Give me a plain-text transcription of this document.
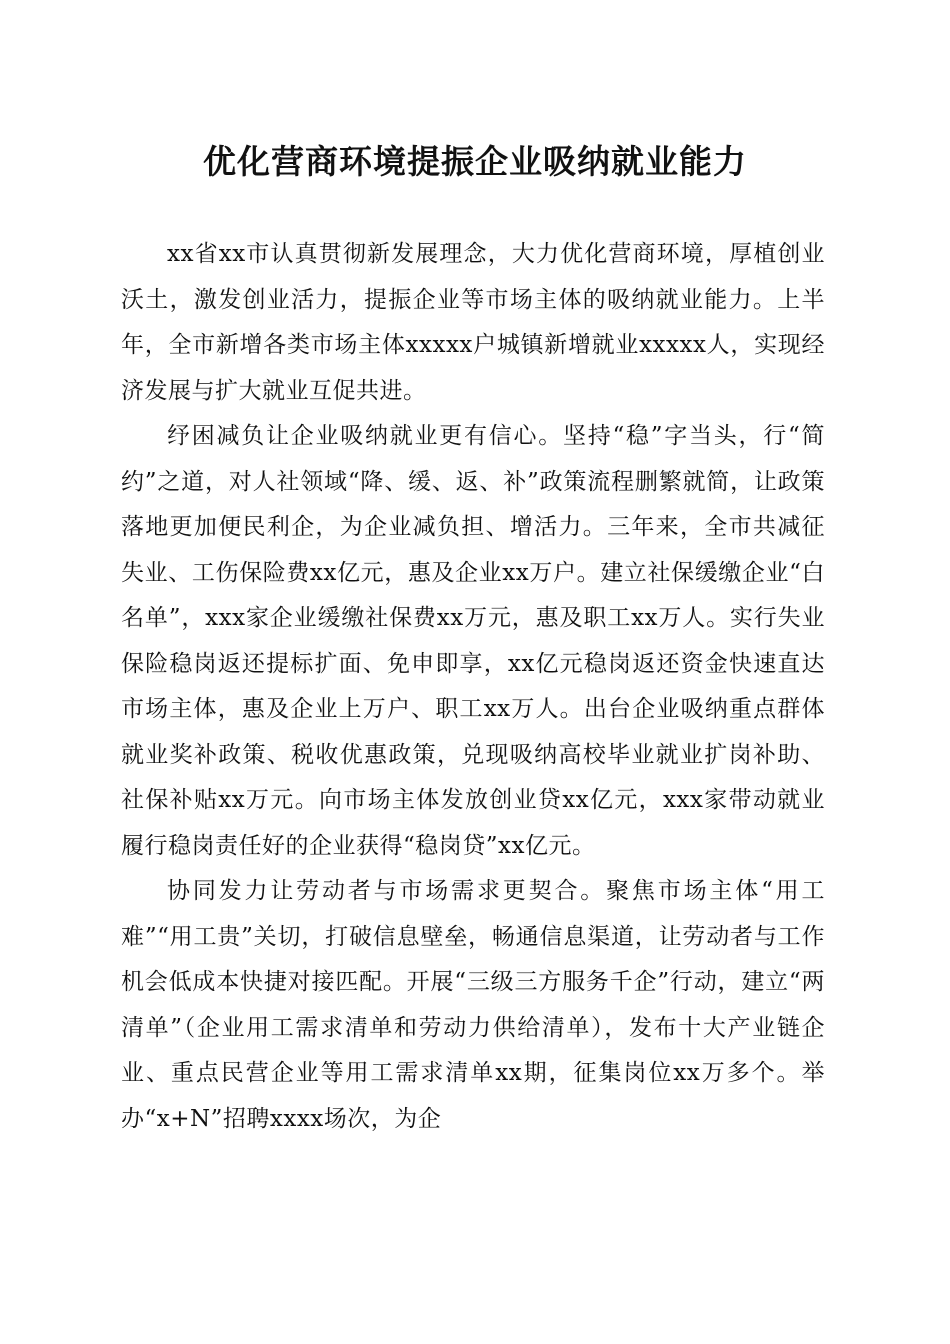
优化营商环境提振企业吸纳就业能力

xx省xx市认真贯彻新发展理念，大力优化营商环境，厚植创业沃土，激发创业活力，提振企业等市场主体的吸纳就业能力。上半年，全市新增各类市场主体xxxxx户城镇新增就业xxxxx人，实现经济发展与扩大就业互促共进。

纾困减负让企业吸纳就业更有信心。坚持“稳”字当头，行“简约”之道，对人社领域“降、缓、返、补”政策流程删繁就简，让政策落地更加便民利企，为企业减负担、增活力。三年来，全市共减征失业、工伤保险费xx亿元，惠及企业xx万户。建立社保缓缴企业“白名单”，xxx家企业缓缴社保费xx万元，惠及职工xx万人。实行失业保险稳岗返还提标扩面、免申即享，xx亿元稳岗返还资金快速直达市场主体，惠及企业上万户、职工xx万人。出台企业吸纳重点群体就业奖补政策、税收优惠政策，兑现吸纳高校毕业就业扩岗补助、社保补贴xx万元。向市场主体发放创业贷xx亿元，xxx家带动就业履行稳岗责任好的企业获得“稳岗贷”xx亿元。

协同发力让劳动者与市场需求更契合。聚焦市场主体“用工难”“用工贵”关切，打破信息壁垒，畅通信息渠道，让劳动者与工作机会低成本快捷对接匹配。开展“三级三方服务千企”行动，建立“两清单”（企业用工需求清单和劳动力供给清单），发布十大产业链企业、重点民营企业等用工需求清单xx期，征集岗位xx万多个。举办“x+N”招聘xxxx场次，为企
